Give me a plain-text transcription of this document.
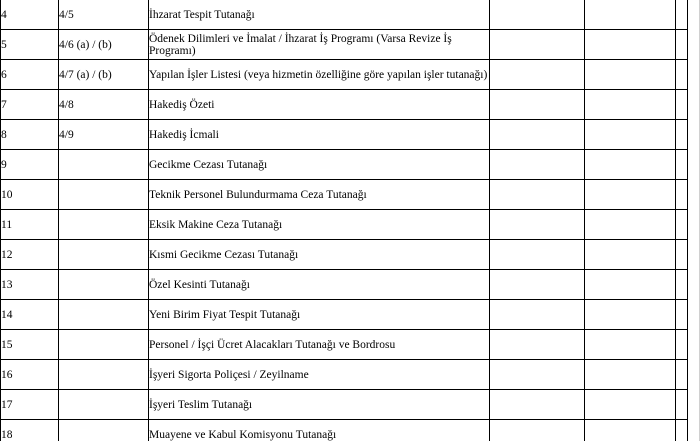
4	4/5	İhzarat Tespit Tutanağı			
5	4/6 (a) / (b)	Ödenek Dilimleri ve İmalat / İhzarat İş Programı (Varsa Revize İş Programı)			
6	4/7 (a) / (b)	Yapılan İşler Listesi (veya hizmetin özelliğine göre yapılan işler tutanağı)			
7	4/8	Hakediş Özeti			
8	4/9	Hakediş İcmali			
9		Gecikme Cezası Tutanağı			
10		Teknik Personel Bulundurmama Ceza Tutanağı			
11		Eksik Makine Ceza Tutanağı			
12		Kısmi Gecikme Cezası Tutanağı			
13		Özel Kesinti Tutanağı			
14		Yeni Birim Fiyat Tespit Tutanağı			
15		Personel / İşçi Ücret Alacakları Tutanağı ve Bordrosu			
16		İşyeri Sigorta Poliçesi / Zeyilname			
17		İşyeri Teslim Tutanağı			
18		Muayene ve Kabul Komisyonu Tutanağı			
